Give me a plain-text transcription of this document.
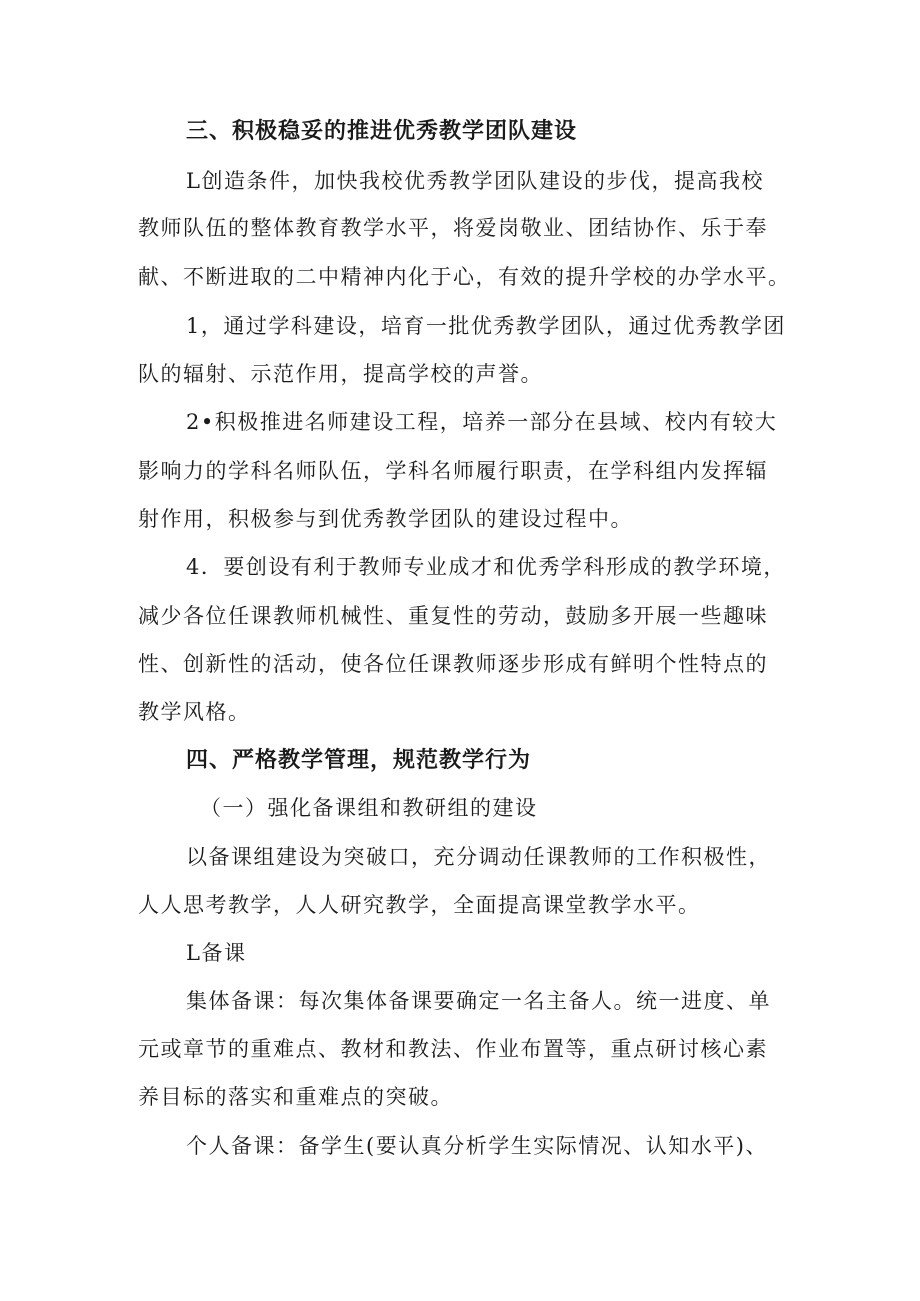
三、积极稳妥的推进优秀教学团队建设
L创造条件，加快我校优秀教学团队建设的步伐，提高我校
教师队伍的整体教育教学水平，将爱岗敬业、团结协作、乐于奉
献、不断进取的二中精神内化于心，有效的提升学校的办学水平。
1，通过学科建设，培育一批优秀教学团队，通过优秀教学团
队的辐射、示范作用，提高学校的声誉。
2•积极推进名师建设工程，培养一部分在县域、校内有较大
影响力的学科名师队伍，学科名师履行职责，在学科组内发挥辐
射作用，积极参与到优秀教学团队的建设过程中。
4．要创设有利于教师专业成才和优秀学科形成的教学环境，
减少各位任课教师机械性、重复性的劳动，鼓励多开展一些趣味
性、创新性的活动，使各位任课教师逐步形成有鲜明个性特点的
教学风格。
四、严格教学管理，规范教学行为
（一）强化备课组和教研组的建设
以备课组建设为突破口，充分调动任课教师的工作积极性，
人人思考教学，人人研究教学，全面提高课堂教学水平。
L备课
集体备课：每次集体备课要确定一名主备人。统一进度、单
元或章节的重难点、教材和教法、作业布置等，重点研讨核心素
养目标的落实和重难点的突破。
个人备课：备学生(要认真分析学生实际情况、认知水平)、
